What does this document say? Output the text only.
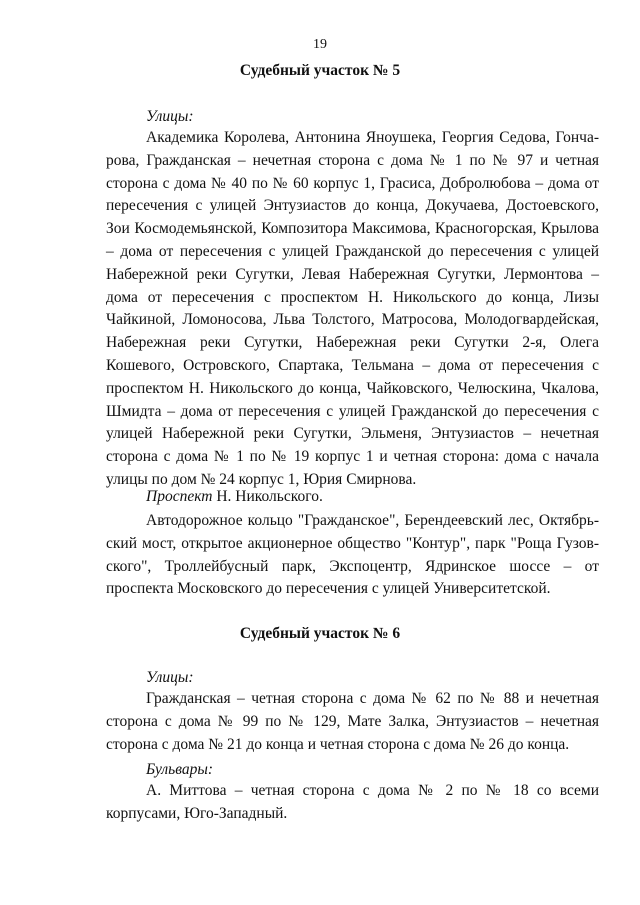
19
Судебный участок № 5
Улицы:

Академика Королева, Антонина Яноушека, Георгия Седова, Гончарова, Гражданская – нечетная сторона с дома № 1 по № 97 и четная сторона с дома № 40 по № 60 корпус 1, Грасиса, Добролюбова – дома от пересечения с улицей Энтузиастов до конца, Докучаева, Достоевского, Зои Космодемьянской, Композитора Максимова, Красногорская, Крылова – дома от пересечения с улицей Гражданской до пересечения с улицей Набережной реки Сугутки, Левая Набережная Сугутки, Лермонтова – дома от пересечения с проспектом Н. Никольского до конца, Лизы Чайкиной, Ломоносова, Льва Толстого, Матросова, Молодогвардейская, Набережная реки Сугутки, Набережная реки Сугутки 2-я, Олега Кошевого, Островского, Спартака, Тельмана – дома от пересечения с проспектом Н. Никольского до конца, Чайковского, Челюскина, Чкалова, Шмидта – дома от пересечения с улицей Гражданской до пересечения с улицей Набережной реки Сугутки, Эльменя, Энтузиастов – нечетная сторона с дома № 1 по № 19 корпус 1 и четная сторона: дома с начала улицы по дом № 24 корпус 1, Юрия Смирнова.

Проспект Н. Никольского.

Автодорожное кольцо "Гражданское", Берендеевский лес, Октябрьский мост, открытое акционерное общество "Контур", парк "Роща Гузовского", Троллейбусный парк, Экспоцентр, Ядринское шоссе – от проспекта Московского до пересечения с улицей Университетской.

Судебный участок № 6
Улицы:

Гражданская – четная сторона с дома № 62 по № 88 и нечетная сторона с дома № 99 по № 129, Мате Залка, Энтузиастов – нечетная сторона с дома № 21 до конца и четная сторона с дома № 26 до конца.

Бульвары:

А. Миттова – четная сторона с дома № 2 по № 18 со всеми корпусами, Юго-Западный.
